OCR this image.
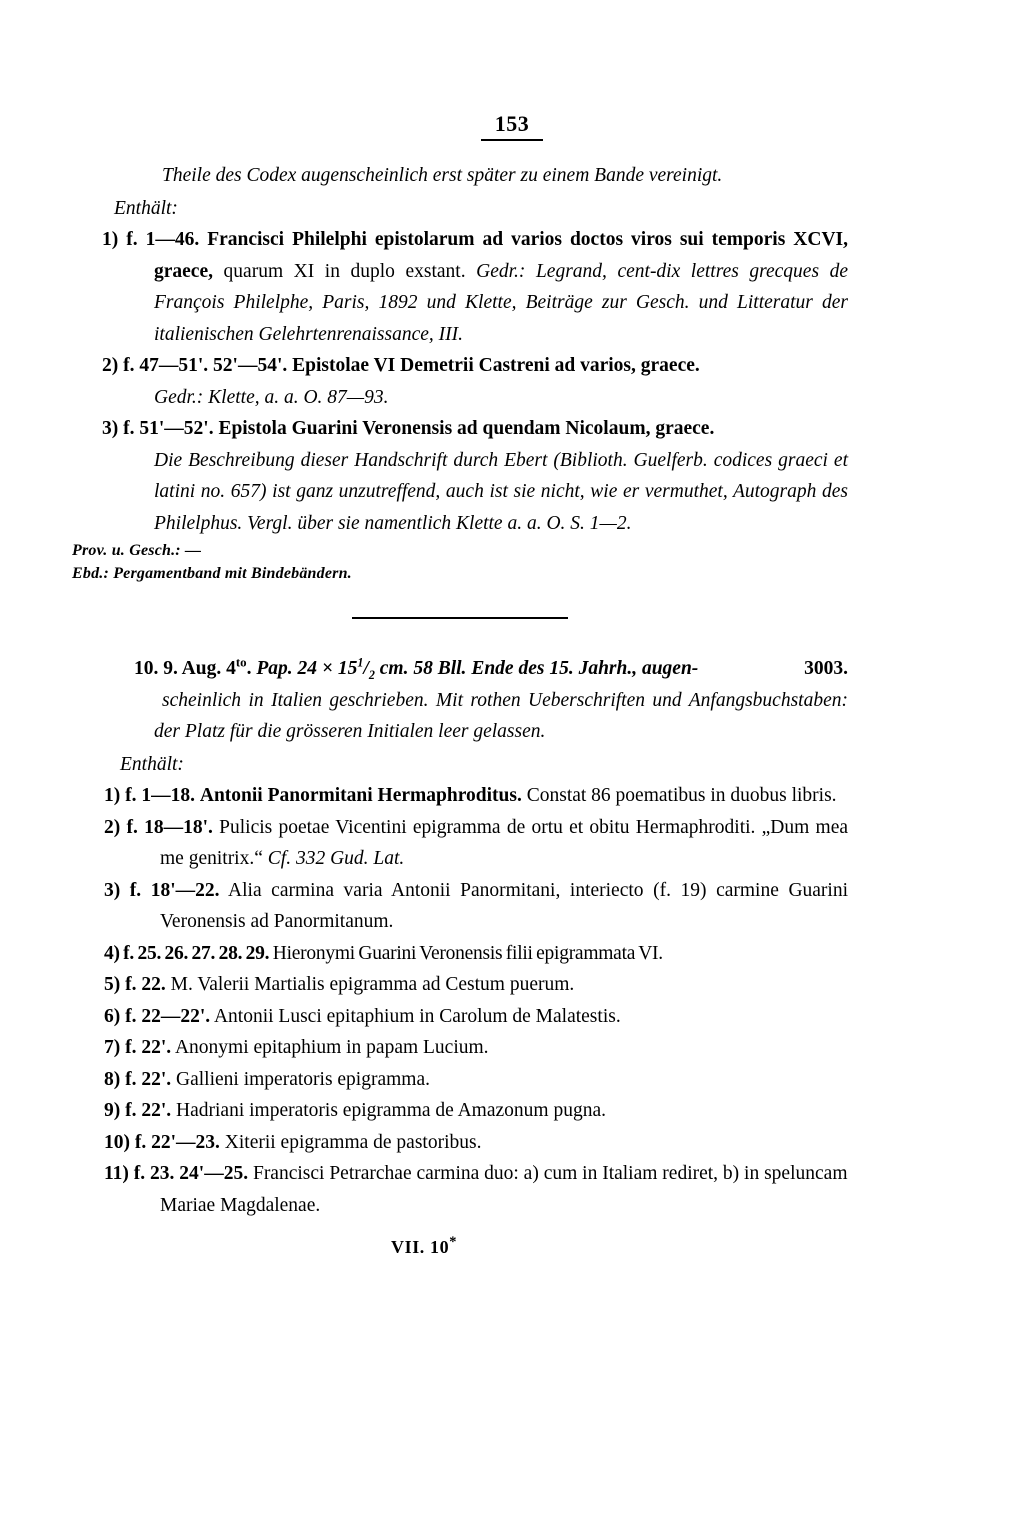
153
Theile des Codex augenscheinlich erst später zu einem Bande vereinigt.
Enthält:
1) f. 1—46. Francisci Philelphi epistolarum ad varios doctos viros sui temporis XCVI, graece, quarum XI in duplo exstant. Gedr.: Legrand, cent-dix lettres grecques de François Philelphe, Paris, 1892 und Klette, Beiträge zur Gesch. und Litteratur der italienischen Gelehrtenrenaissance, III.
2) f. 47—51'. 52'—54'. Epistolae VI Demetrii Castreni ad varios, graece.
Gedr.: Klette, a. a. O. 87—93.
3) f. 51'—52'. Epistola Guarini Veronensis ad quendam Nicolaum, graece.
Die Beschreibung dieser Handschrift durch Ebert (Biblioth. Guelferb. codices graeci et latini no. 657) ist ganz unzutreffend, auch ist sie nicht, wie er vermuthet, Autograph des Philelphus. Vergl. über sie namentlich Klette a. a. O. S. 1—2.
Prov. u. Gesch.: —
Ebd.: Pergamentband mit Bindebändern.
10. 9. Aug. $4^{to}$. Pap. $24 \times 15^1/_2$ cm. 58 Bll. Ende des 15. Jahrh., augen-	3003.
scheinlich in Italien geschrieben. Mit rothen Ueberschriften und Anfangsbuchstaben: der Platz für die grösseren Initialen leer gelassen.
Enthält:
1) f. 1—18. Antonii Panormitani Hermaphroditus. Constat 86 poematibus in duobus libris.
2) f. 18—18'. Pulicis poetae Vicentini epigramma de ortu et obitu Hermaphroditi. „Dum mea me genitrix.“ Cf. 332 Gud. Lat.
3) f. 18'—22. Alia carmina varia Antonii Panormitani, interiecto (f. 19) carmine Guarini Veronensis ad Panormitanum.
4) f. 25. 26. 27. 28. 29. Hieronymi Guarini Veronensis filii epigrammata VI.
5) f. 22. M. Valerii Martialis epigramma ad Cestum puerum.
6) f. 22—22'. Antonii Lusci epitaphium in Carolum de Malatestis.
7) f. 22'. Anonymi epitaphium in papam Lucium.
8) f. 22'. Gallieni imperatoris epigramma.
9) f. 22'. Hadriani imperatoris epigramma de Amazonum pugna.
10) f. 22'—23. Xiterii epigramma de pastoribus.
11) f. 23. 24'—25. Francisci Petrarchae carmina duo: a) cum in Italiam rediret, b) in speluncam Mariae Magdalenae.
VII. 10*
